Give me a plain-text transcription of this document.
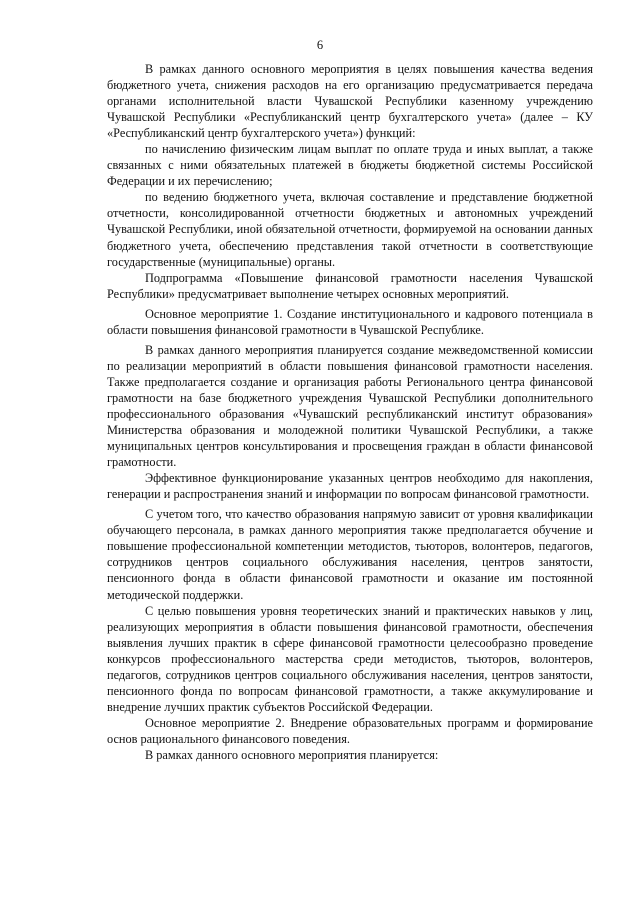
6

В рамках данного основного мероприятия в целях повышения качества ведения бюджетного учета, снижения расходов на его организацию предусматривается передача органами исполнительной власти Чувашской Республики казенному учреждению Чувашской Республики «Республиканский центр бухгалтерского учета» (далее – КУ «Республиканский центр бухгалтерского учета») функций:

по начислению физическим лицам выплат по оплате труда и иных выплат, а также связанных с ними обязательных платежей в бюджеты бюджетной системы Российской Федерации и их перечислению;

по ведению бюджетного учета, включая составление и представление бюджетной отчетности, консолидированной отчетности бюджетных и автономных учреждений Чувашской Республики, иной обязательной отчетности, формируемой на основании данных бюджетного учета, обеспечению представления такой отчетности в соответствующие государственные (муниципальные) органы.

Подпрограмма «Повышение финансовой грамотности населения Чувашской Республики» предусматривает выполнение четырех основных мероприятий.

Основное мероприятие 1. Создание институционального и кадрового потенциала в области повышения финансовой грамотности в Чувашской Республике.

В рамках данного мероприятия планируется создание межведомственной комиссии по реализации мероприятий в области повышения финансовой грамотности населения. Также предполагается создание и организация работы Регионального центра финансовой грамотности на базе бюджетного учреждения Чувашской Республики дополнительного профессионального образования «Чувашский республиканский институт образования» Министерства образования и молодежной политики Чувашской Республики, а также муниципальных центров консультирования и просвещения граждан в области финансовой грамотности.

Эффективное функционирование указанных центров необходимо для накопления, генерации и распространения знаний и информации по вопросам финансовой грамотности.

С учетом того, что качество образования напрямую зависит от уровня квалификации обучающего персонала, в рамках данного мероприятия также предполагается обучение и повышение профессиональной компетенции методистов, тьюторов, волонтеров, педагогов, сотрудников центров социального обслуживания населения, центров занятости, пенсионного фонда в области финансовой грамотности и оказание им постоянной методической поддержки.

С целью повышения уровня теоретических знаний и практических навыков у лиц, реализующих мероприятия в области повышения финансовой грамотности, обеспечения выявления лучших практик в сфере финансовой грамотности целесообразно проведение конкурсов профессионального мастерства среди методистов, тьюторов, волонтеров, педагогов, сотрудников центров социального обслуживания населения, центров занятости, пенсионного фонда по вопросам финансовой грамотности, а также аккумулирование и внедрение лучших практик субъектов Российской Федерации.

Основное мероприятие 2. Внедрение образовательных программ и формирование основ рационального финансового поведения.

В рамках данного основного мероприятия планируется:
